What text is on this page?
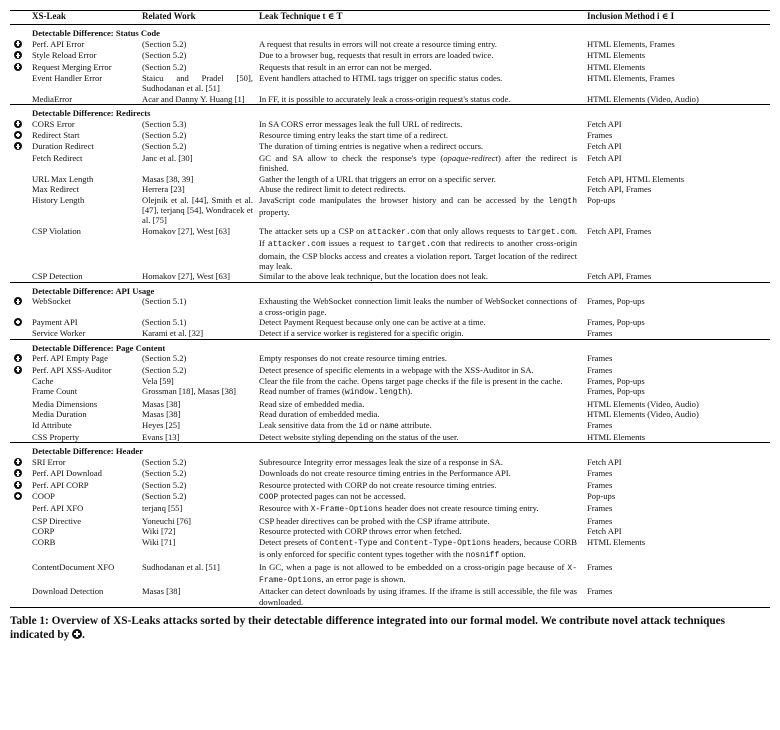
	XS-Leak	Related Work	Leak Technique t ∈ T	Inclusion Method i ∈ I
	Detectable Difference: Status Code			
	Perf. API Error	(Section 5.2)	A request that results in errors will not create a resource timing entry.	HTML Elements, Frames
	Style Reload Error	(Section 5.2)	Due to a browser bug, requests that result in errors are loaded twice.	HTML Elements
	Request Merging Error	(Section 5.2)	Requests that result in an error can not be merged.	HTML Elements
	Event Handler Error	Staicu and Pradel [50], Sudhodanan et al. [51]	Event handlers attached to HTML tags trigger on specific status codes.	HTML Elements, Frames
	MediaError	Acar and Danny Y. Huang [1]	In FF, it is possible to accurately leak a cross-origin request's status code.	HTML Elements (Video, Audio)
	Detectable Difference: Redirects			
	CORS Error	(Section 5.3)	In SA CORS error messages leak the full URL of redirects.	Fetch API
	Redirect Start	(Section 5.2)	Resource timing entry leaks the start time of a redirect.	Frames
	Duration Redirect	(Section 5.2)	The duration of timing entries is negative when a redirect occurs.	Fetch API
	Fetch Redirect	Janc et al. [30]	GC and SA allow to check the response's type (opaque-redirect) after the redirect is finished.	Fetch API
	URL Max Length	Masas [38, 39]	Gather the length of a URL that triggers an error on a specific server.	Fetch API, HTML Elements
	Max Redirect	Herrera [23]	Abuse the redirect limit to detect redirects.	Fetch API, Frames
	History Length	Olejnik et al. [44], Smith et al. [47], terjanq [54], Wondracek et al. [75]	JavaScript code manipulates the browser history and can be accessed by the length property.	Pop-ups
	CSP Violation	Homakov [27], West [63]	The attacker sets up a CSP on attacker.com that only allows requests to target.com. If attacker.com issues a request to target.com that redirects to another cross-origin domain, the CSP blocks access and creates a violation report. Target location of the redirect may leak.	Fetch API, Frames
	CSP Detection	Homakov [27], West [63]	Similar to the above leak technique, but the location does not leak.	Fetch API, Frames
	Detectable Difference: API Usage			
	WebSocket	(Section 5.1)	Exhausting the WebSocket connection limit leaks the number of WebSocket connections of a cross-origin page.	Frames, Pop-ups
	Payment API	(Section 5.1)	Detect Payment Request because only one can be active at a time.	Frames, Pop-ups
	Service Worker	Karami et al. [32]	Detect if a service worker is registered for a specific origin.	Frames
	Detectable Difference: Page Content			
	Perf. API Empty Page	(Section 5.2)	Empty responses do not create resource timing entries.	Frames
	Perf. API XSS-Auditor	(Section 5.2)	Detect presence of specific elements in a webpage with the XSS-Auditor in SA.	Frames
	Cache	Vela [59]	Clear the file from the cache. Opens target page checks if the file is present in the cache.	Frames, Pop-ups
	Frame Count	Grossman [18], Masas [38]	Read number of frames (window.length).	Frames, Pop-ups
	Media Dimensions	Masas [38]	Read size of embedded media.	HTML Elements (Video, Audio)
	Media Duration	Masas [38]	Read duration of embedded media.	HTML Elements (Video, Audio)
	Id Attribute	Heyes [25]	Leak sensitive data from the id or name attribute.	Frames
	CSS Property	Evans [13]	Detect website styling depending on the status of the user.	HTML Elements
	Detectable Difference: Header			
	SRI Error	(Section 5.2)	Subresource Integrity error messages leak the size of a response in SA.	Fetch API
	Perf. API Download	(Section 5.2)	Downloads do not create resource timing entries in the Performance API.	Frames
	Perf. API CORP	(Section 5.2)	Resource protected with CORP do not create resource timing entries.	Frames
	COOP	(Section 5.2)	COOP protected pages can not be accessed.	Pop-ups
	Perf. API XFO	terjanq [55]	Resource with X-Frame-Options header does not create resource timing entry.	Frames
	CSP Directive	Yoneuchi [76]	CSP header directives can be probed with the CSP iframe attribute.	Frames
	CORP	Wiki [72]	Resource protected with CORP throws error when fetched.	Fetch API
	CORB	Wiki [71]	Detect presets of Content-Type and Content-Type-Options headers, because CORB is only enforced for specific content types together with the nosniff option.	HTML Elements
	ContentDocument XFO	Sudhodanan et al. [51]	In GC, when a page is not allowed to be embedded on a cross-origin page because of X-Frame-Options, an error page is shown.	Frames
	Download Detection	Masas [38]	Attacker can detect downloads by using iframes. If the iframe is still accessible, the file was downloaded.	Frames
Table 1: Overview of XS-Leaks attacks sorted by their detectable difference integrated into our formal model. We contribute novel attack techniques indicated by .
